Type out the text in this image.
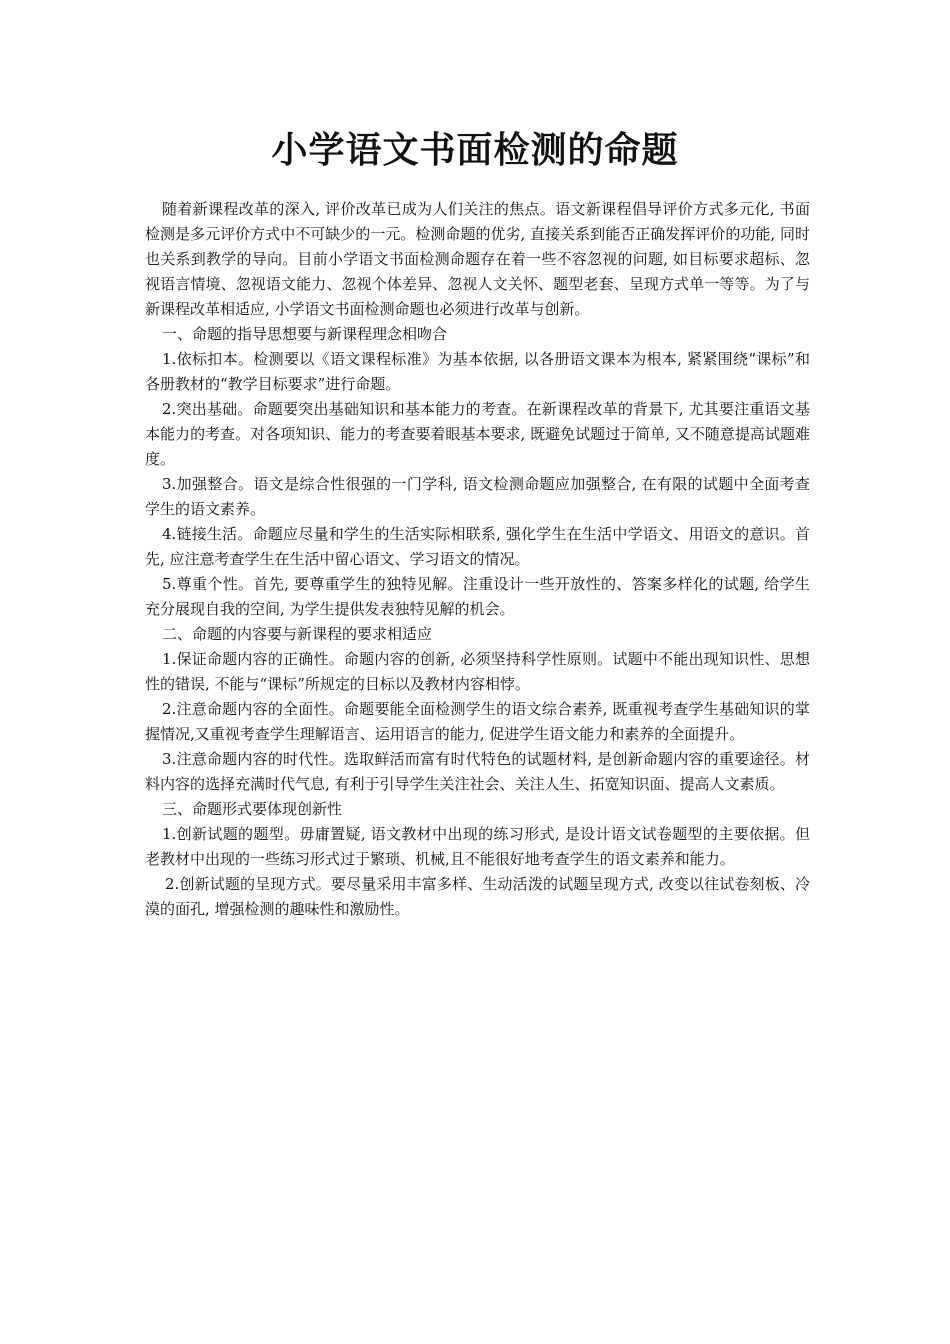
小学语文书面检测的命题

随着新课程改革的深入, 评价改革已成为人们关注的焦点。语文新课程倡导评价方式多元化, 书面检测是多元评价方式中不可缺少的一元。检测命题的优劣, 直接关系到能否正确发挥评价的功能, 同时也关系到教学的导向。目前小学语文书面检测命题存在着一些不容忽视的问题, 如目标要求超标、忽视语言情境、忽视语文能力、忽视个体差异、忽视人文关怀、题型老套、呈现方式单一等等。为了与新课程改革相适应, 小学语文书面检测命题也必须进行改革与创新。

一、命题的指导思想要与新课程理念相吻合

1.依标扣本。检测要以《语文课程标准》为基本依据, 以各册语文课本为根本, 紧紧围绕“课标”和各册教材的“教学目标要求”进行命题。

2.突出基础。命题要突出基础知识和基本能力的考查。在新课程改革的背景下, 尤其要注重语文基本能力的考查。对各项知识、能力的考查要着眼基本要求, 既避免试题过于简单, 又不随意提高试题难度。

3.加强整合。语文是综合性很强的一门学科, 语文检测命题应加强整合, 在有限的试题中全面考查学生的语文素养。

4.链接生活。命题应尽量和学生的生活实际相联系, 强化学生在生活中学语文、用语文的意识。首先, 应注意考查学生在生活中留心语文、学习语文的情况。

5.尊重个性。首先, 要尊重学生的独特见解。注重设计一些开放性的、答案多样化的试题, 给学生充分展现自我的空间, 为学生提供发表独特见解的机会。

二、命题的内容要与新课程的要求相适应

1.保证命题内容的正确性。命题内容的创新, 必须坚持科学性原则。试题中不能出现知识性、思想性的错误, 不能与“课标”所规定的目标以及教材内容相悖。

2.注意命题内容的全面性。命题要能全面检测学生的语文综合素养, 既重视考查学生基础知识的掌握情况,又重视考查学生理解语言、运用语言的能力, 促进学生语文能力和素养的全面提升。

3.注意命题内容的时代性。选取鲜活而富有时代特色的试题材料, 是创新命题内容的重要途径。材料内容的选择充满时代气息, 有利于引导学生关注社会、关注人生、拓宽知识面、提高人文素质。

三、命题形式要体现创新性

1.创新试题的题型。毋庸置疑, 语文教材中出现的练习形式, 是设计语文试卷题型的主要依据。但老教材中出现的一些练习形式过于繁琐、机械,且不能很好地考查学生的语文素养和能力。

2.创新试题的呈现方式。要尽量采用丰富多样、生动活泼的试题呈现方式, 改变以往试卷刻板、冷漠的面孔, 增强检测的趣味性和激励性。
